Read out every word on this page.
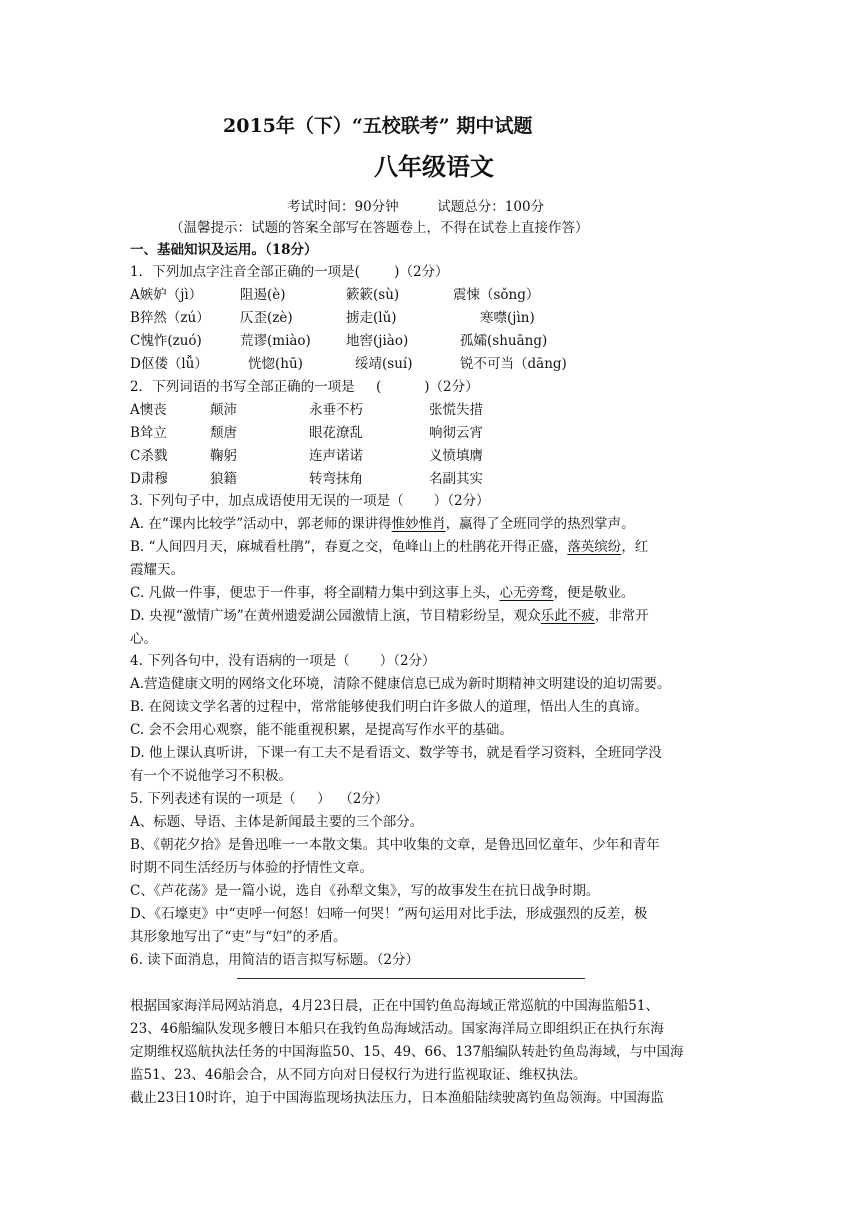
2015年（下）“五校联考” 期中试题
八年级语文
考试时间：90分钟         试题总分：100分
（温馨提示：试题的答案全部写在答题卷上，不得在试卷上直接作答）
一、基础知识及运用。（18分）
1．下列加点字注音全部正确的一项是(        )（2分）
A嫉妒（jì）	阻遏(è)	簌簌(sù)	震悚（sǒng）
B猝然（zú） 仄歪(zè)	掳走(lǔ)	寒噤(jìn)
C愧怍(zuó)	荒谬(miào)	地窖(jiào)	孤孀(shuāng)
D伛偻（lǚ）	恍惚(hū)	绥靖(suí)	锐不可当（dāng)
2．下列词语的书写全部正确的一项是     (          )（2分）
A懊丧	颠沛	永垂不朽	张慌失措
B耸立	颓唐	眼花潦乱	响彻云宵
C杀戮	鞠躬	连声诺诺	义愤填膺
D肃穆	狼籍	转弯抹角	名副其实
3. 下列句子中，加点成语使用无误的一项是（       ）（2分）
A. 在“课内比较学”活动中，郭老师的课讲得惟妙惟肖，赢得了全班同学的热烈掌声。
B. “人间四月天，麻城看杜鹃”，春夏之交，龟峰山上的杜鹃花开得正盛，落英缤纷，红
霞耀天。
C. 凡做一件事，便忠于一件事，将全副精力集中到这事上头，心无旁骛，便是敬业。
D. 央视“激情广场”在黄州遗爱湖公园激情上演，节目精彩纷呈，观众乐此不疲，非常开
心。
4. 下列各句中，没有语病的一项是（       ）（2分）
A.营造健康文明的网络文化环境，清除不健康信息已成为新时期精神文明建设的迫切需要。
B. 在阅读文学名著的过程中，常常能够使我们明白许多做人的道理，悟出人生的真谛。
C. 会不会用心观察，能不能重视积累，是提高写作水平的基础。
D. 他上课认真听讲，下课一有工夫不是看语文、数学等书，就是看学习资料，全班同学没
有一个不说他学习不积极。
5. 下列表述有误的一项是（     ）  （2分）
A、标题、导语、主体是新闻最主要的三个部分。
B、《朝花夕拾》是鲁迅唯一一本散文集。其中收集的文章，是鲁迅回忆童年、少年和青年
时期不同生活经历与体验的抒情性文章。
C、《芦花荡》是一篇小说，选自《孙犁文集》，写的故事发生在抗日战争时期。
D、《石壕吏》中“吏呼一何怒！妇啼一何哭！”两句运用对比手法，形成强烈的反差，极
其形象地写出了“吏”与“妇”的矛盾。
6. 读下面消息，用简洁的语言拟写标题。（2分）
根据国家海洋局网站消息，4月23日晨，正在中国钓鱼岛海域正常巡航的中国海监船51、
23、46船编队发现多艘日本船只在我钓鱼岛海域活动。国家海洋局立即组织正在执行东海
定期维权巡航执法任务的中国海监50、15、49、66、137船编队转赴钓鱼岛海域，与中国海
监51、23、46船会合，从不同方向对日侵权行为进行监视取证、维权执法。
截止23日10时许，迫于中国海监现场执法压力，日本渔船陆续驶离钓鱼岛领海。中国海监
